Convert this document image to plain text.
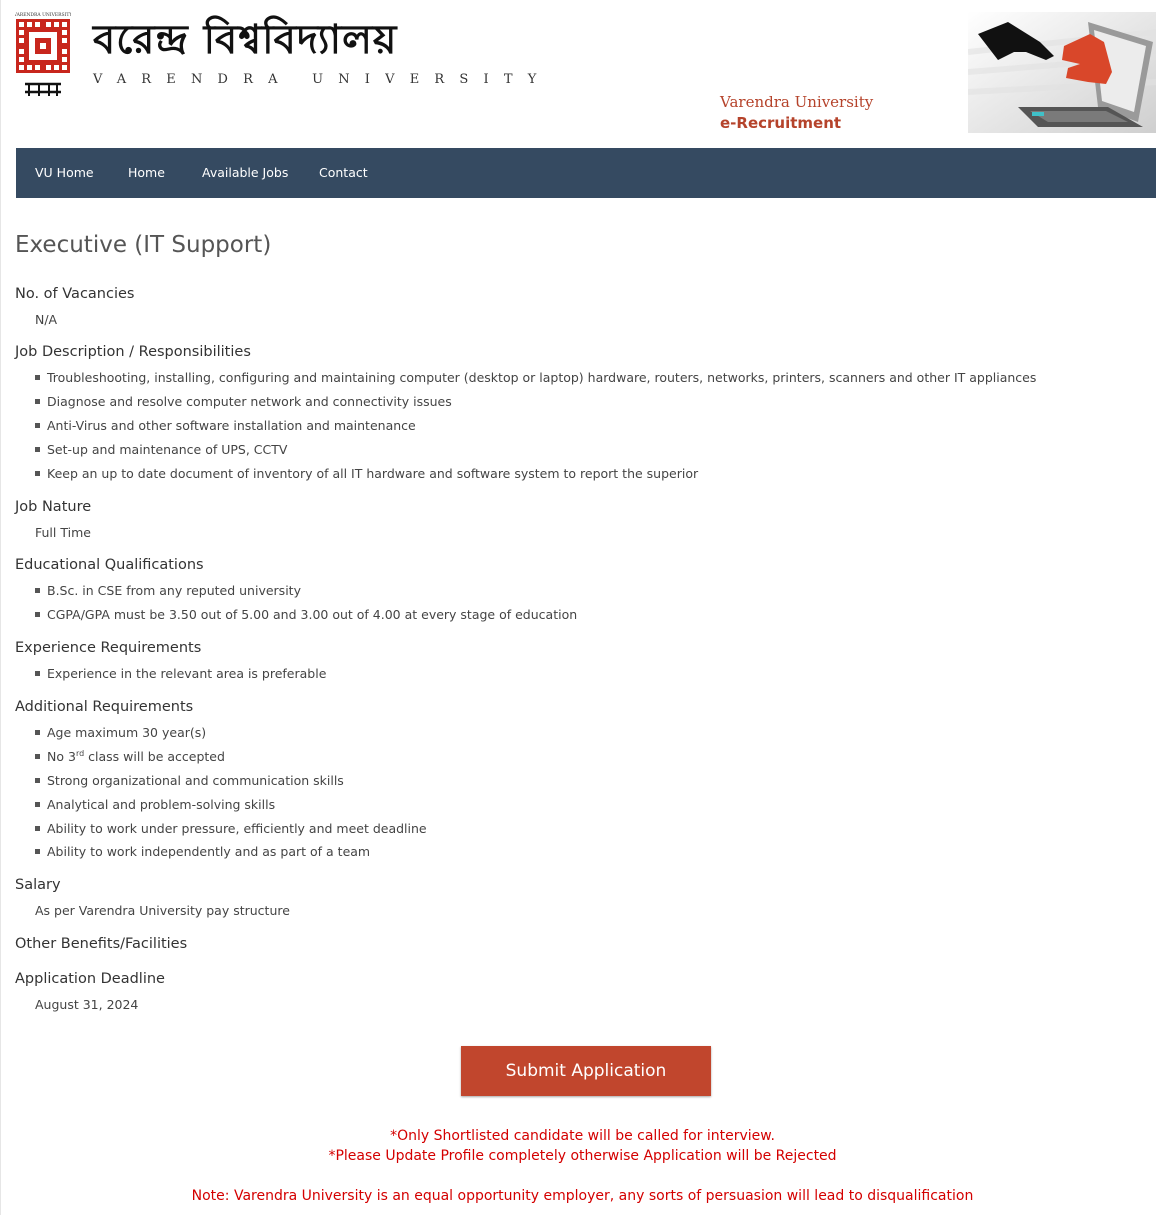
VARENDRA UNIVERSITY
বরেন্দ্র বিশ্ববিদ্যালয়
VARENDRA UNIVERSITY
Varendra University
e-Recruitment
VU Home	Home	Available Jobs Contact
Executive (IT Support)
No. of Vacancies
N/A
Job Description / Responsibilities
Troubleshooting, installing, configuring and maintaining computer (desktop or laptop) hardware, routers, networks, printers, scanners and other IT appliances
Diagnose and resolve computer network and connectivity issues
Anti-Virus and other software installation and maintenance
Set-up and maintenance of UPS, CCTV
Keep an up to date document of inventory of all IT hardware and software system to report the superior
Job Nature
Full Time
Educational Qualifications
B.Sc. in CSE from any reputed university
CGPA/GPA must be 3.50 out of 5.00 and 3.00 out of 4.00 at every stage of education
Experience Requirements
Experience in the relevant area is preferable
Additional Requirements
Age maximum 30 year(s)
No 3rd class will be accepted
Strong organizational and communication skills
Analytical and problem-solving skills
Ability to work under pressure, efficiently and meet deadline
Ability to work independently and as part of a team
Salary
As per Varendra University pay structure
Other Benefits/Facilities
Application Deadline
August 31, 2024
Submit Application
*Only Shortlisted candidate will be called for interview.
*Please Update Profile completely otherwise Application will be Rejected
Note: Varendra University is an equal opportunity employer, any sorts of persuasion will lead to disqualification
